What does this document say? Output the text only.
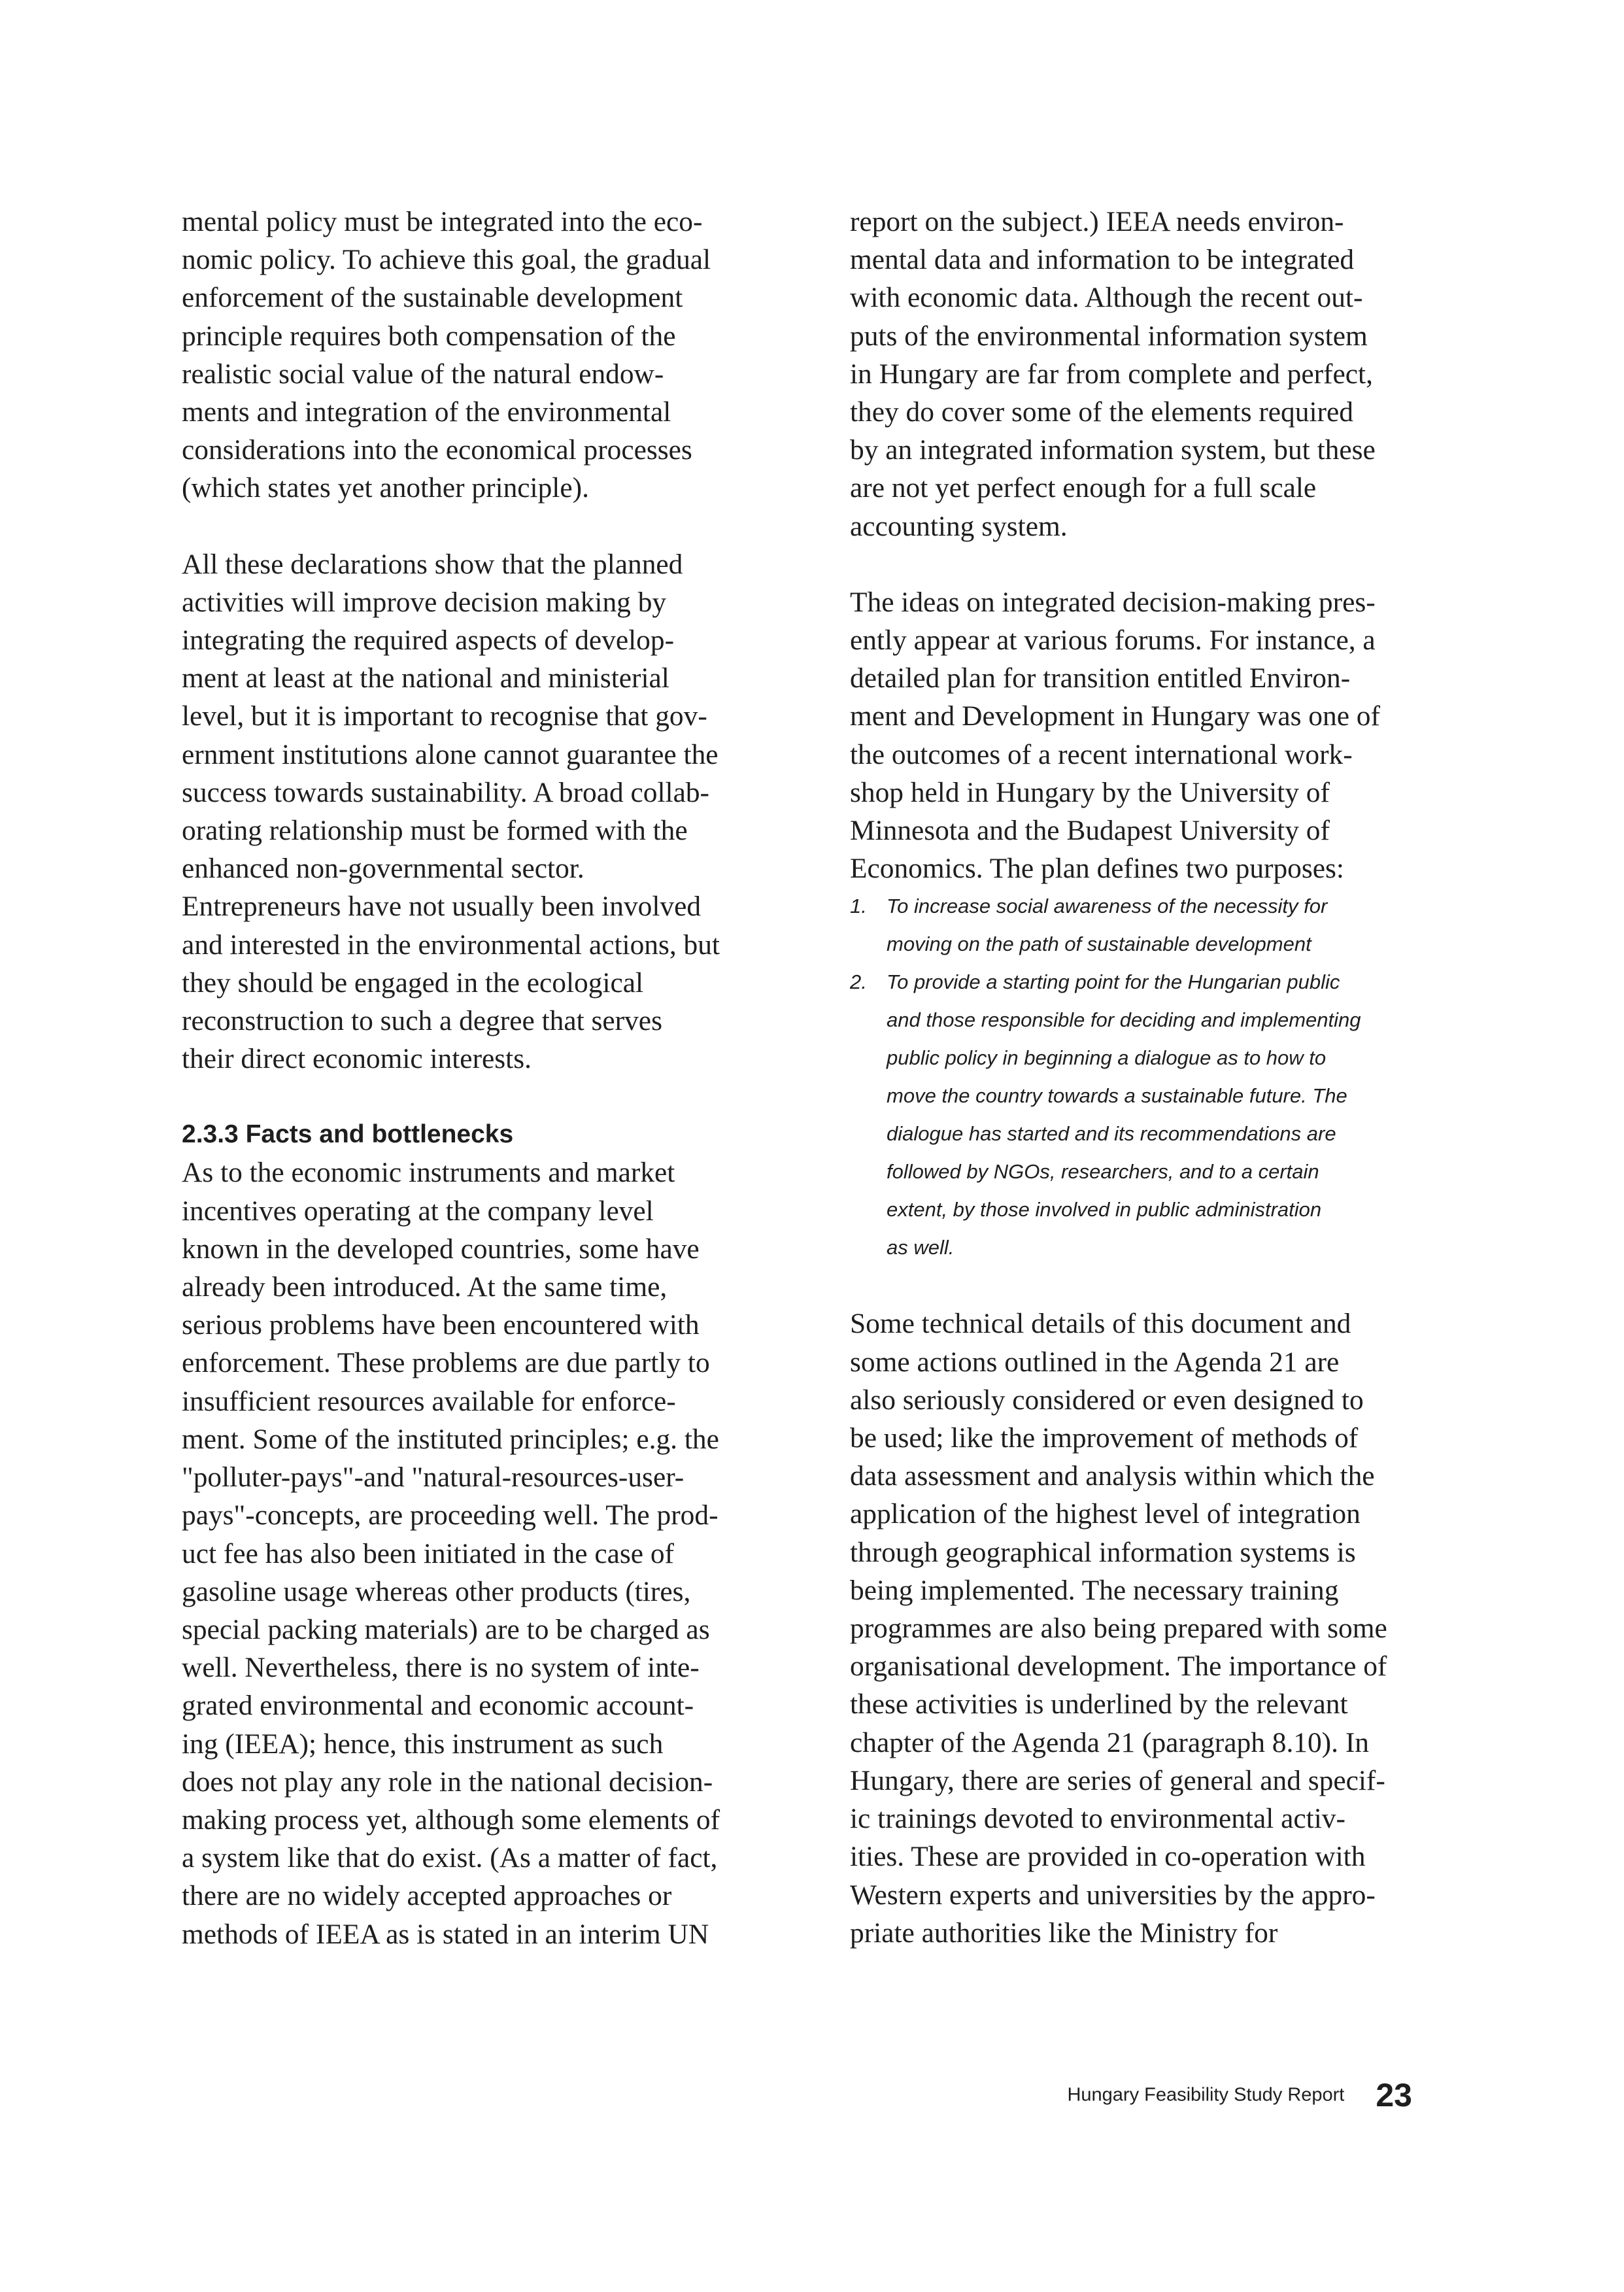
mental policy must be integrated into the eco-
nomic policy. To achieve this goal, the gradual
enforcement of the sustainable development
principle requires both compensation of the
realistic social value of the natural endow-
ments and integration of the environmental
considerations into the economical processes
(which states yet another principle).

All these declarations show that the planned
activities will improve decision making by
integrating the required aspects of develop-
ment at least at the national and ministerial
level, but it is important to recognise that gov-
ernment institutions alone cannot guarantee the
success towards sustainability. A broad collab-
orating relationship must be formed with the
enhanced non-governmental sector.
Entrepreneurs have not usually been involved
and interested in the environmental actions, but
they should be engaged in the ecological
reconstruction to such a degree that serves
their direct economic interests.

2.3.3 Facts and bottlenecks

As to the economic instruments and market
incentives operating at the company level
known in the developed countries, some have
already been introduced. At the same time,
serious problems have been encountered with
enforcement. These problems are due partly to
insufficient resources available for enforce-
ment. Some of the instituted principles; e.g. the
"polluter-pays"-and "natural-resources-user-
pays"-concepts, are proceeding well. The prod-
uct fee has also been initiated in the case of
gasoline usage whereas other products (tires,
special packing materials) are to be charged as
well. Nevertheless, there is no system of inte-
grated environmental and economic account-
ing (IEEA); hence, this instrument as such
does not play any role in the national decision-
making process yet, although some elements of
a system like that do exist. (As a matter of fact,
there are no widely accepted approaches or
methods of IEEA as is stated in an interim UN

report on the subject.) IEEA needs environ-
mental data and information to be integrated
with economic data. Although the recent out-
puts of the environmental information system
in Hungary are far from complete and perfect,
they do cover some of the elements required
by an integrated information system, but these
are not yet perfect enough for a full scale
accounting system.

The ideas on integrated decision-making pres-
ently appear at various forums. For instance, a
detailed plan for transition entitled Environ-
ment and Development in Hungary was one of
the outcomes of a recent international work-
shop held in Hungary by the University of
Minnesota and the Budapest University of
Economics. The plan defines two purposes:

1. To increase social awareness of the necessity for
moving on the path of sustainable development
2. To provide a starting point for the Hungarian public
and those responsible for deciding and implementing
public policy in beginning a dialogue as to how to
move the country towards a sustainable future. The
dialogue has started and its recommendations are
followed by NGOs, researchers, and to a certain
extent, by those involved in public administration
as well.

Some technical details of this document and
some actions outlined in the Agenda 21 are
also seriously considered or even designed to
be used; like the improvement of methods of
data assessment and analysis within which the
application of the highest level of integration
through geographical information systems is
being implemented. The necessary training
programmes are also being prepared with some
organisational development. The importance of
these activities is underlined by the relevant
chapter of the Agenda 21 (paragraph 8.10). In
Hungary, there are series of general and specif-
ic trainings devoted to environmental activ-
ities. These are provided in co-operation with
Western experts and universities by the appro-
priate authorities like the Ministry for

Hungary Feasibility Study Report 23
